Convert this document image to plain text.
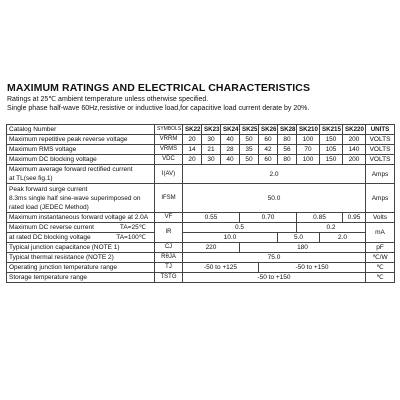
MAXIMUM RATINGS AND ELECTRICAL CHARACTERISTICS
Ratings at 25℃ ambient temperature unless otherwise specified.
Single phase half-wave 60Hz,resistive or inductive load,for capacitive load current derate by 20%.
Catalog Number	SYMBOLS	SK22	SK23	SK24	SK25	SK26	SK28	SK210	SK215	SK220	UNITS
Maximum repetitive peak reverse voltage	VRRM	20	30	40	50	60	80	100	150	200	VOLTS
Maximum RMS voltage	VRMS	14	21	28	35	42	56	70	105	140	VOLTS
Maximum DC blocking voltage	VDC	20	30	40	50	60	80	100	150	200	VOLTS

Maximum average forward rectified current
at TL(see fig.1)	I(AV)	2.0									Amps

Peak forward surge current
8.3ms single half sine-wave superimposed on
rated load (JEDEC Method)	IFSM	50.0									Amps
Maximum instantaneous forward voltage at 2.0A	VF	0.55			0.70			0.85		0.95	Volts

Maximum DC reverse current TA=25℃	IR	0.5						0.2			mA

at rated DC blocking voltage TA=100℃		10.0					5.0		2.0		
Typical junction capacitance (NOTE 1)	CJ	220			180						pF
Typical thermal resistance (NOTE 2)	RθJA	75.0									℃/W
Operating junction temperature range	TJ	-50 to +125				-50 to +150					℃
Storage temperature range	TSTG	-50 to +150									℃
